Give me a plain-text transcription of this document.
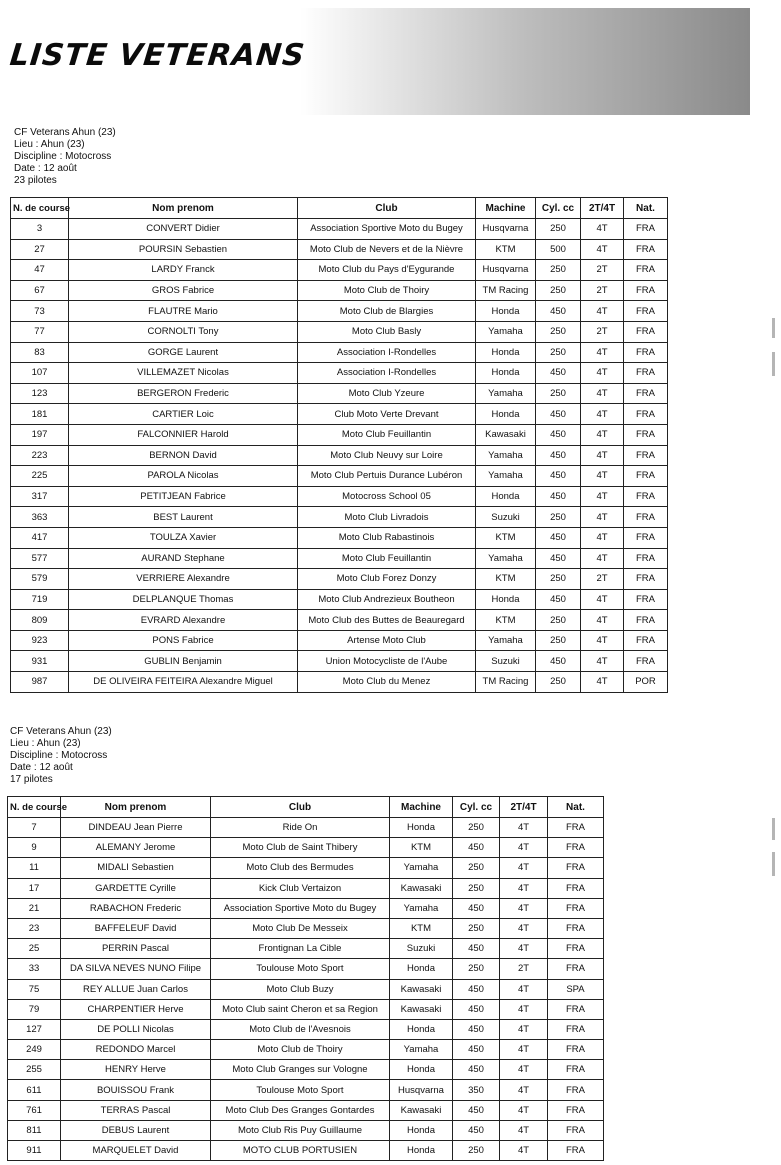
LISTE VETERANS
CF Veterans Ahun (23)
Lieu : Ahun (23)
Discipline : Motocross
Date : 12 août
23 pilotes
N. de course	Nom prenom	Club	Machine	Cyl. cc	2T/4T	Nat.
3	CONVERT Didier	Association Sportive Moto du Bugey	Husqvarna	250	4T	FRA
27	POURSIN Sebastien	Moto Club de Nevers et de la Nièvre	KTM	500	4T	FRA
47	LARDY Franck	Moto Club du Pays d'Eygurande	Husqvarna	250	2T	FRA
67	GROS Fabrice	Moto Club de Thoiry	TM Racing	250	2T	FRA
73	FLAUTRE Mario	Moto Club de Blargies	Honda	450	4T	FRA
77	CORNOLTI Tony	Moto Club Basly	Yamaha	250	2T	FRA
83	GORGE Laurent	Association I-Rondelles	Honda	250	4T	FRA
107	VILLEMAZET Nicolas	Association I-Rondelles	Honda	450	4T	FRA
123	BERGERON Frederic	Moto Club Yzeure	Yamaha	250	4T	FRA
181	CARTIER Loic	Club Moto Verte Drevant	Honda	450	4T	FRA
197	FALCONNIER Harold	Moto Club Feuillantin	Kawasaki	450	4T	FRA
223	BERNON David	Moto Club Neuvy sur Loire	Yamaha	450	4T	FRA
225	PAROLA Nicolas	Moto Club Pertuis Durance Lubéron	Yamaha	450	4T	FRA
317	PETITJEAN Fabrice	Motocross School 05	Honda	450	4T	FRA
363	BEST Laurent	Moto Club Livradois	Suzuki	250	4T	FRA
417	TOULZA Xavier	Moto Club Rabastinois	KTM	450	4T	FRA
577	AURAND Stephane	Moto Club Feuillantin	Yamaha	450	4T	FRA
579	VERRIERE Alexandre	Moto Club Forez Donzy	KTM	250	2T	FRA
719	DELPLANQUE Thomas	Moto Club Andrezieux Boutheon	Honda	450	4T	FRA
809	EVRARD Alexandre	Moto Club des Buttes de Beauregard	KTM	250	4T	FRA
923	PONS Fabrice	Artense Moto Club	Yamaha	250	4T	FRA
931	GUBLIN Benjamin	Union Motocycliste de l'Aube	Suzuki	450	4T	FRA
987	DE OLIVEIRA FEITEIRA Alexandre Miguel	Moto Club du Menez	TM Racing	250	4T	POR
CF Veterans Ahun (23)
Lieu : Ahun (23)
Discipline : Motocross
Date : 12 août
17 pilotes
N. de course	Nom prenom	Club	Machine	Cyl. cc	2T/4T	Nat.
7	DINDEAU Jean Pierre	Ride On	Honda	250	4T	FRA
9	ALEMANY Jerome	Moto Club de Saint Thibery	KTM	450	4T	FRA
11	MIDALI Sebastien	Moto Club des Bermudes	Yamaha	250	4T	FRA
17	GARDETTE Cyrille	Kick Club Vertaizon	Kawasaki	250	4T	FRA
21	RABACHON Frederic	Association Sportive Moto du Bugey	Yamaha	450	4T	FRA
23	BAFFELEUF David	Moto Club De Messeix	KTM	250	4T	FRA
25	PERRIN Pascal	Frontignan La Cible	Suzuki	450	4T	FRA
33	DA SILVA NEVES NUNO Filipe	Toulouse Moto Sport	Honda	250	2T	FRA
75	REY ALLUE Juan Carlos	Moto Club Buzy	Kawasaki	450	4T	SPA
79	CHARPENTIER Herve	Moto Club saint Cheron et sa Region	Kawasaki	450	4T	FRA
127	DE POLLI Nicolas	Moto Club de l'Avesnois	Honda	450	4T	FRA
249	REDONDO Marcel	Moto Club de Thoiry	Yamaha	450	4T	FRA
255	HENRY Herve	Moto Club Granges sur Vologne	Honda	450	4T	FRA
611	BOUISSOU Frank	Toulouse Moto Sport	Husqvarna	350	4T	FRA
761	TERRAS Pascal	Moto Club Des Granges Gontardes	Kawasaki	450	4T	FRA
811	DEBUS Laurent	Moto Club Ris Puy Guillaume	Honda	450	4T	FRA
911	MARQUELET David	MOTO CLUB PORTUSIEN	Honda	250	4T	FRA
